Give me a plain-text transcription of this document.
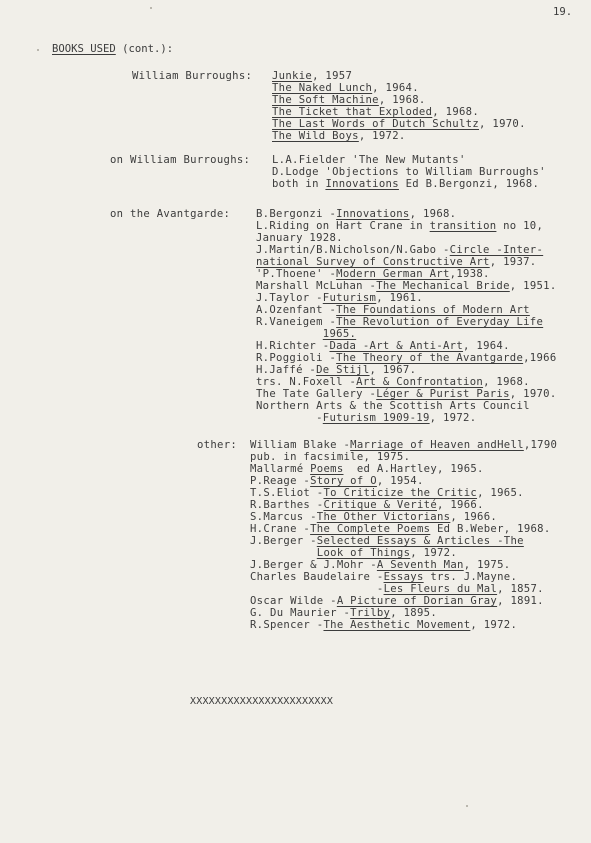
19.
BOOKS USED (cont.):
William Burroughs: Junkie, 1957
The Naked Lunch, 1964.
The Soft Machine, 1968.
The Ticket that Exploded, 1968.
The Last Words of Dutch Schultz, 1970.
The Wild Boys, 1972.
on William Burroughs: L.A.Fielder 'The New Mutants'
D.Lodge 'Objections to William Burroughs'
both in Innovations Ed B.Bergonzi, 1968.
on the Avantgarde: B.Bergonzi -Innovations, 1968.
L.Riding on Hart Crane in transition no 10,
January 1928.
J.Martin/B.Nicholson/N.Gabo -Circle -Inter-
national Survey of Constructive Art, 1937.
'P.Thoene' -Modern German Art,1938.
Marshall McLuhan -The Mechanical Bride, 1951.
J.Taylor -Futurism, 1961.
A.Ozenfant -The Foundations of Modern Art
R.Vaneigem -The Revolution of Everyday Life
1965.
H.Richter -Dada -Art & Anti-Art, 1964.
R.Poggioli -The Theory of the Avantgarde,1966
H.Jaffé -De Stijl, 1967.
trs. N.Foxell -Art & Confrontation, 1968.
The Tate Gallery -Léger & Purist Paris, 1970.
Northern Arts & the Scottish Arts Council
-Futurism 1909-19, 1972.
other: William Blake -Marriage of Heaven andHell,1790
pub. in facsimile, 1975.
Mallarmé Poems  ed A.Hartley, 1965.
P.Reage -Story of O, 1954.
T.S.Eliot -To Criticize the Critic, 1965.
R.Barthes -Critique & Verité, 1966.
S.Marcus -The Other Victorians, 1966.
H.Crane -The Complete Poems Ed B.Weber, 1968.
J.Berger -Selected Essays & Articles -The
Look of Things, 1972.
J.Berger & J.Mohr -A Seventh Man, 1975.
Charles Baudelaire -Essays trs. J.Mayne.
-Les Fleurs du Mal, 1857.
Oscar Wilde -A Picture of Dorian Gray, 1891.
G. Du Maurier -Trilby, 1895.
R.Spencer -The Aesthetic Movement, 1972.
XXXXXXXXXXXXXXXXXXXXXXX
